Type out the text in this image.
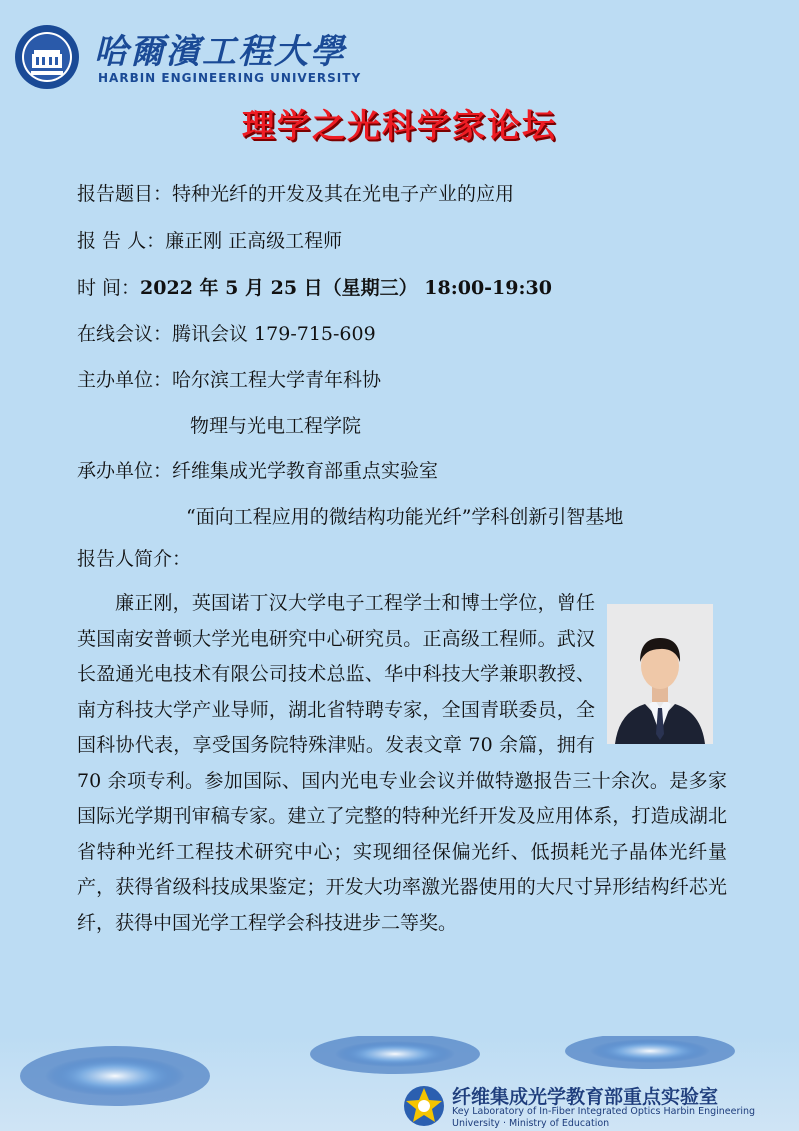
哈爾濱工程大學
HARBIN ENGINEERING UNIVERSITY
理学之光科学家论坛
报告题目：特种光纤的开发及其在光电子产业的应用
报 告 人：廉正刚 正高级工程师
时 间：2022 年 5 月 25 日（星期三） 18:00-19:30
在线会议：腾讯会议 179-715-609
主办单位：哈尔滨工程大学青年科协
物理与光电工程学院
承办单位：纤维集成光学教育部重点实验室
“面向工程应用的微结构功能光纤”学科创新引智基地
报告人简介：

廉正刚，英国诺丁汉大学电子工程学士和博士学位，曾任英国南安普顿大学光电研究中心研究员。正高级工程师。武汉长盈通光电技术有限公司技术总监、华中科技大学兼职教授、南方科技大学产业导师，湖北省特聘专家，全国青联委员，全国科协代表，享受国务院特殊津贴。发表文章 70 余篇，拥有 70 余项专利。参加国际、国内光电专业会议并做特邀报告三十余次。是多家国际光学期刊审稿专家。建立了完整的特种光纤开发及应用体系，打造成湖北省特种光纤工程技术研究中心；实现细径保偏光纤、低损耗光子晶体光纤量产，获得省级科技成果鉴定；开发大功率激光器使用的大尺寸异形结构纤芯光纤，获得中国光学工程学会科技进步二等奖。

纤维集成光学教育部重点实验室
Key Laboratory of In-Fiber Integrated Optics Harbin Engineering University · Ministry of Education
